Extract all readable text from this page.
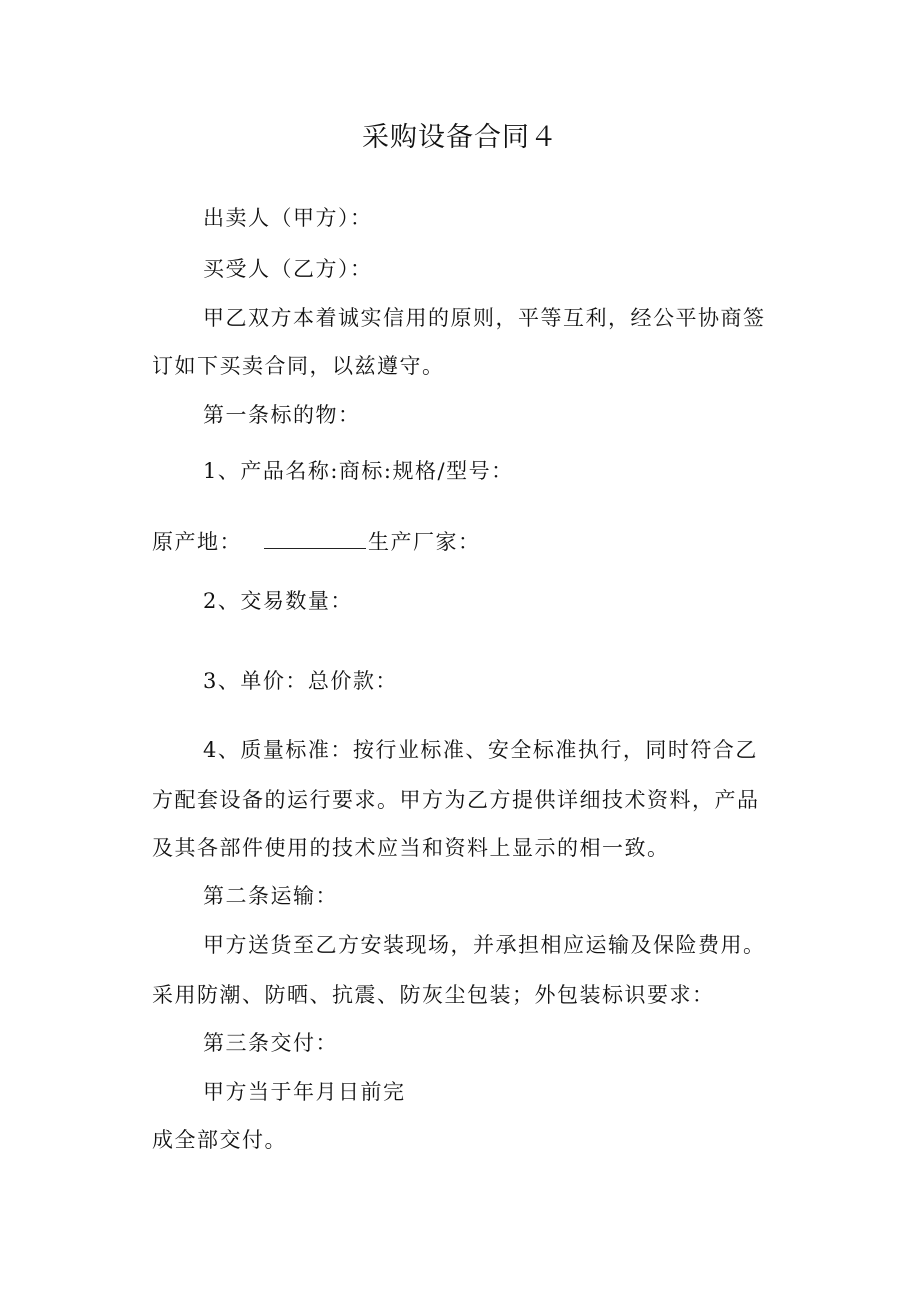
采购设备合同４
出卖人（甲方）：
买受人（乙方）：
甲乙双方本着诚实信用的原则，平等互利，经公平协商签
订如下买卖合同，以兹遵守。
第一条标的物：
1、产品名称:商标:规格/型号：
原产地：	生产厂家：
2、交易数量：
3、单价：总价款：
4、质量标准：按行业标准、安全标准执行，同时符合乙
方配套设备的运行要求。甲方为乙方提供详细技术资料，产品
及其各部件使用的技术应当和资料上显示的相一致。
第二条运输：
甲方送货至乙方安装现场，并承担相应运输及保险费用。
采用防潮、防晒、抗震、防灰尘包装；外包装标识要求：
第三条交付：
甲方当于年月日前完
成全部交付。
